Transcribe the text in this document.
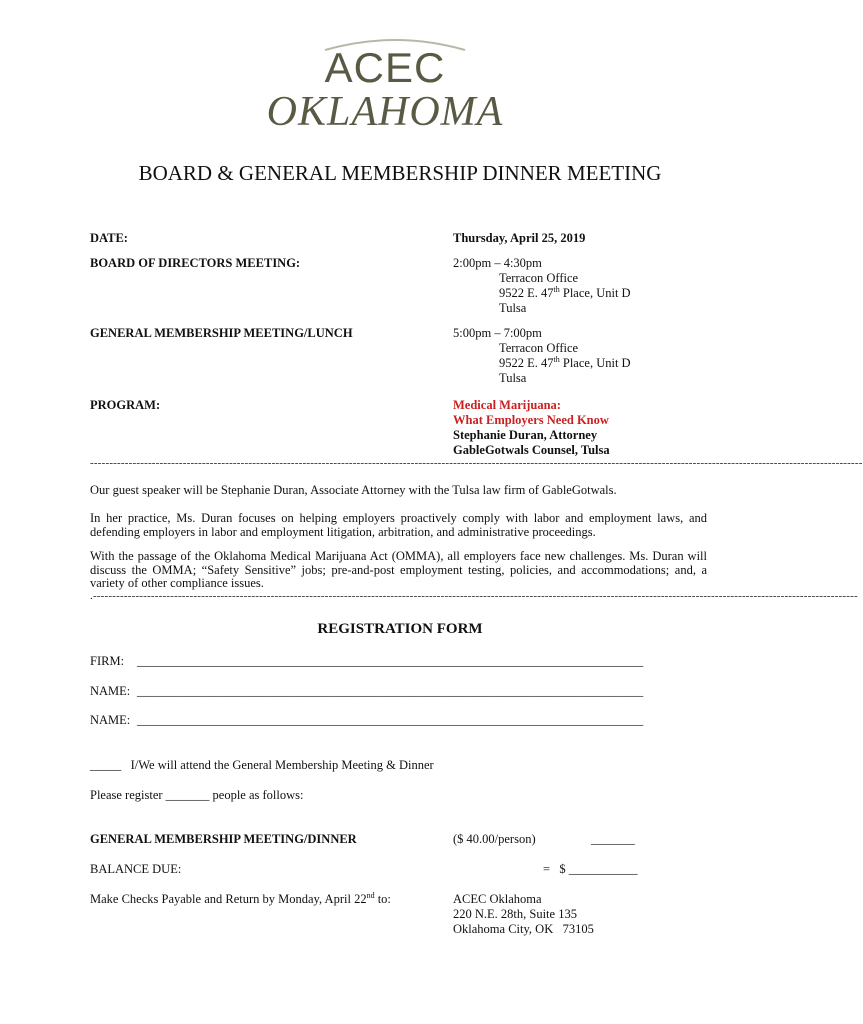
ACEC
OKLAHOMA
BOARD & GENERAL MEMBERSHIP DINNER MEETING
DATE:	Thursday, April 25, 2019
BOARD OF DIRECTORS MEETING:	2:00pm – 4:30pm
Terracon Office
9522 E. 47th Place, Unit D
Tulsa
GENERAL MEMBERSHIP MEETING/LUNCH	5:00pm – 7:00pm
Terracon Office
9522 E. 47th Place, Unit D
Tulsa
PROGRAM:	Medical Marijuana:
What Employers Need Know
Stephanie Duran, Attorney
GableGotwals Counsel, Tulsa
--------------------------------------------------------------------------------------------------------------------------------------------------------------------------------------------------------
Our guest speaker will be Stephanie Duran, Associate Attorney with the Tulsa law firm of GableGotwals.
In her practice, Ms. Duran focuses on helping employers proactively comply with labor and employment laws, and defending employers in labor and employment litigation, arbitration, and administrative proceedings.
With the passage of the Oklahoma Medical Marijuana Act (OMMA), all employers face new challenges. Ms. Duran will discuss the OMMA; “Safety Sensitive” jobs; pre-and-post employment testing, policies, and accommodations; and, a variety of other compliance issues.
.------------------------------------------------------------------------------------------------------------------------------------------------------------------------------------------------------
REGISTRATION FORM
FIRM: _________________________________________________________________________________
NAME: _________________________________________________________________________________
NAME: _________________________________________________________________________________
_____   I/We will attend the General Membership Meeting & Dinner
Please register _______ people as follows:
GENERAL MEMBERSHIP MEETING/DINNER	($ 40.00/person)	_______
BALANCE DUE:	=   $ ___________
Make Checks Payable and Return by Monday, April 22nd to:	ACEC Oklahoma
220 N.E. 28th, Suite 135
Oklahoma City, OK   73105
